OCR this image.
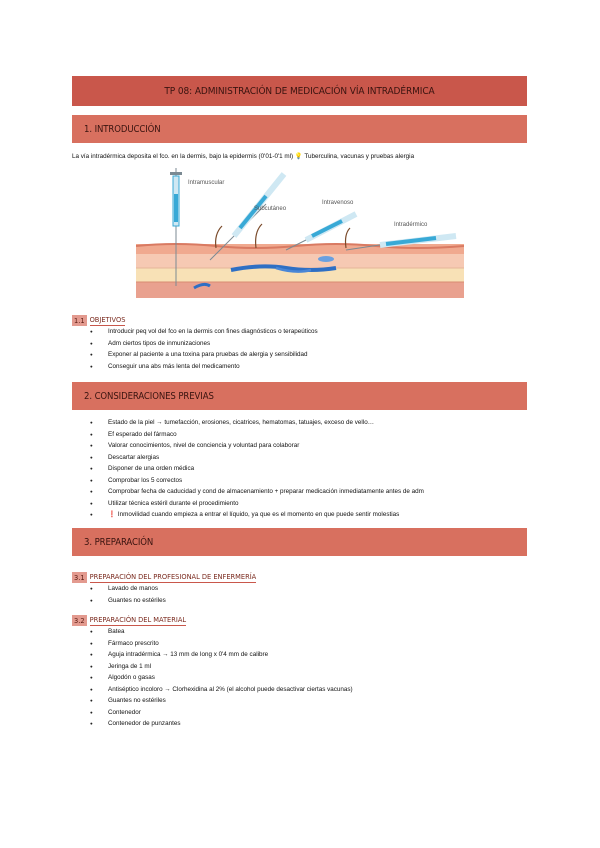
TP 08: ADMINISTRACIÓN DE MEDICACIÓN VÍA INTRADÉRMICA
1. INTRODUCCIÓN
La vía intradérmica deposita el fco. en la dermis, bajo la epidermis (0'01-0'1 ml) 💡 Tuberculina, vacunas y pruebas alergia
Intramuscular
Subcutáneo
Intravenoso
Intradérmico
1.1 OBJETIVOS
● Introducir peq vol del fco en la dermis con fines diagnósticos o terapeúticos
● Adm ciertos tipos de inmunizaciones
● Exponer al paciente a una toxina para pruebas de alergia y sensibilidad
● Conseguir una abs más lenta del medicamento
2. CONSIDERACIONES PREVIAS
● Estado de la piel → tumefacción, erosiones, cicatrices, hematomas, tatuajes, exceso de vello…
● Ef esperado del fármaco
● Valorar conocimientos, nivel de conciencia y voluntad para colaborar
● Descartar alergias
● Disponer de una orden médica
● Comprobar los 5 correctos
● Comprobar fecha de caducidad y cond de almacenamiento + preparar medicación inmediatamente antes de adm
● Utilizar técnica estéril durante el procedimiento
● ❗ Inmovilidad cuando empieza a entrar el líquido, ya que es el momento en que puede sentir molestias
3. PREPARACIÓN
3.1 PREPARACIÓN DEL PROFESIONAL DE ENFERMERÍA
● Lavado de manos
● Guantes no estériles
3.2 PREPARACIÓN DEL MATERIAL
● Batea
● Fármaco prescrito
● Aguja intradérmica → 13 mm de long x 0'4 mm de calibre
● Jeringa de 1 ml
● Algodón o gasas
● Antiséptico incoloro → Clorhexidina al 2% (el alcohol puede desactivar ciertas vacunas)
● Guantes no estériles
● Contenedor
● Contenedor de punzantes
